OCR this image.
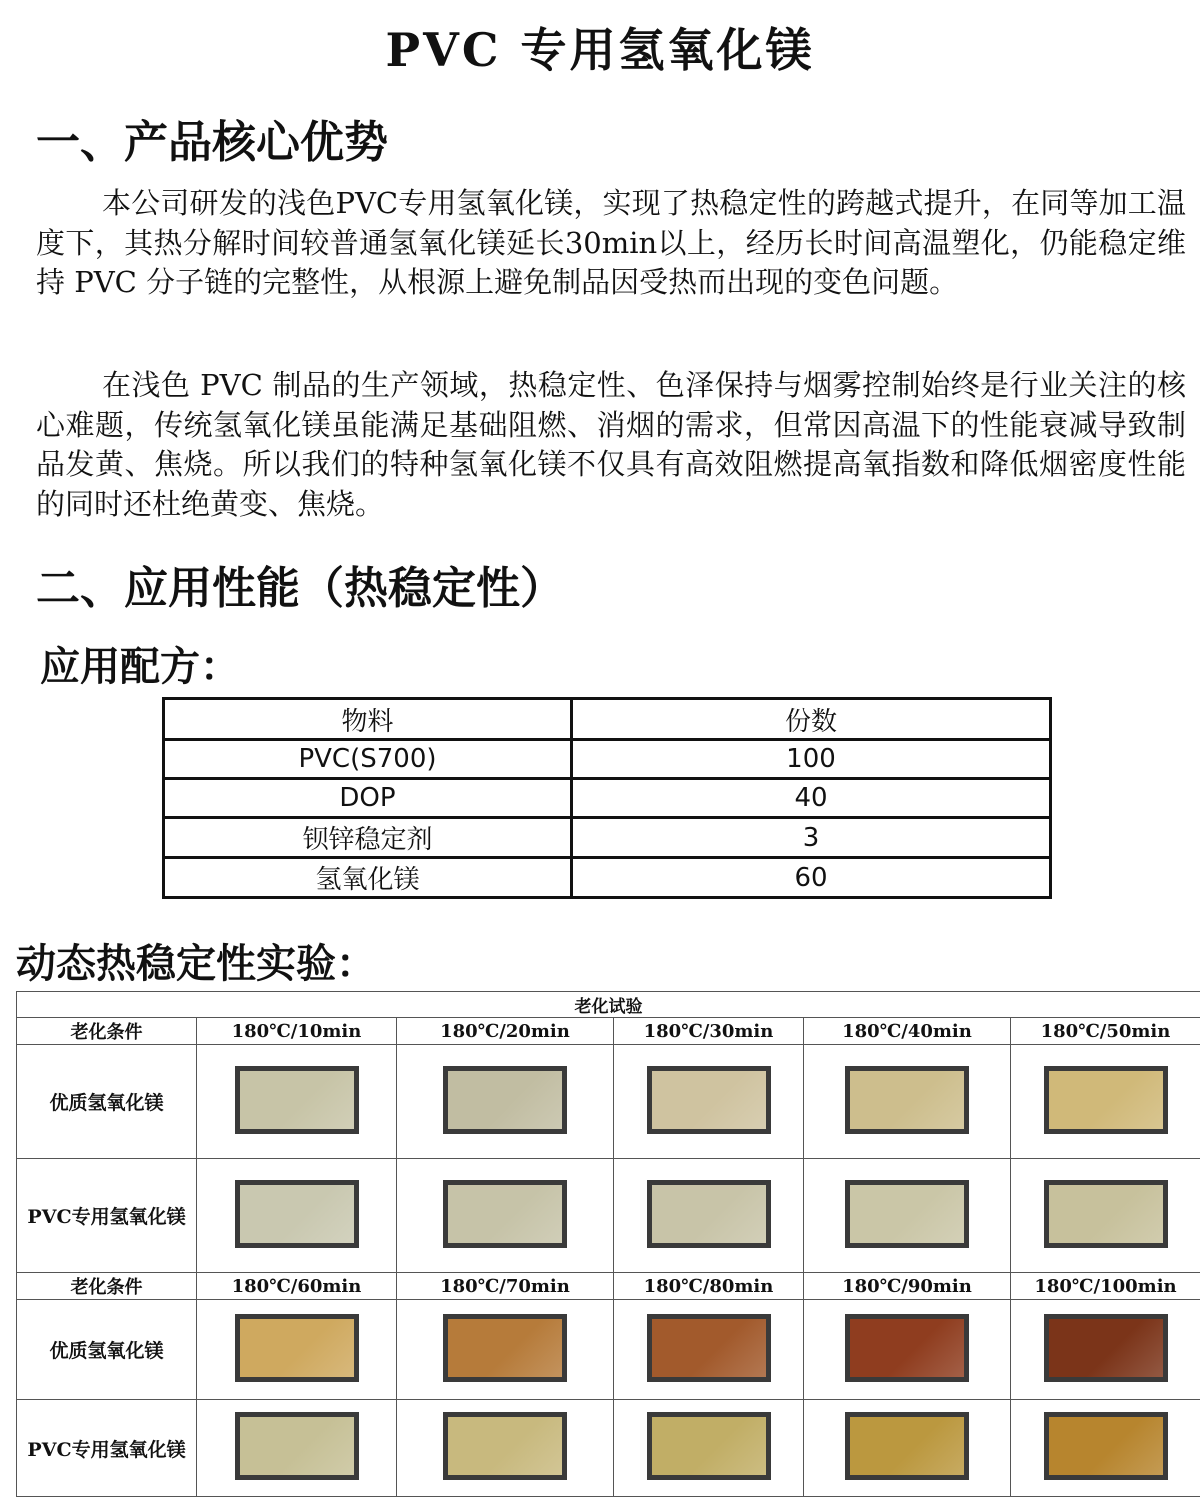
PVC 专用氢氧化镁
一、产品核心优势

本公司研发的浅色PVC专用氢氧化镁，实现了热稳定性的跨越式提升，在同等加工温度下，其热分解时间较普通氢氧化镁延长30min以上，经历长时间高温塑化，仍能稳定维持 PVC 分子链的完整性，从根源上避免制品因受热而出现的变色问题。

在浅色 PVC 制品的生产领域，热稳定性、色泽保持与烟雾控制始终是行业关注的核心难题，传统氢氧化镁虽能满足基础阻燃、消烟的需求，但常因高温下的性能衰减导致制品发黄、焦烧。所以我们的特种氢氧化镁不仅具有高效阻燃提高氧指数和降低烟密度性能的同时还杜绝黄变、焦烧。

二、应用性能（热稳定性）
应用配方：
物料	份数
PVC(S700)	100
DOP	40
钡锌稳定剂	3
氢氧化镁	60
动态热稳定性实验：
老化试验					
老化条件	180℃/10min	180℃/20min	180℃/30min	180℃/40min	180℃/50min
优质氢氧化镁	

PVC专用氢氧化镁	

老化条件	180℃/60min	180℃/70min	180℃/80min	180℃/90min	180℃/100min
优质氢氧化镁	

PVC专用氢氧化镁	
